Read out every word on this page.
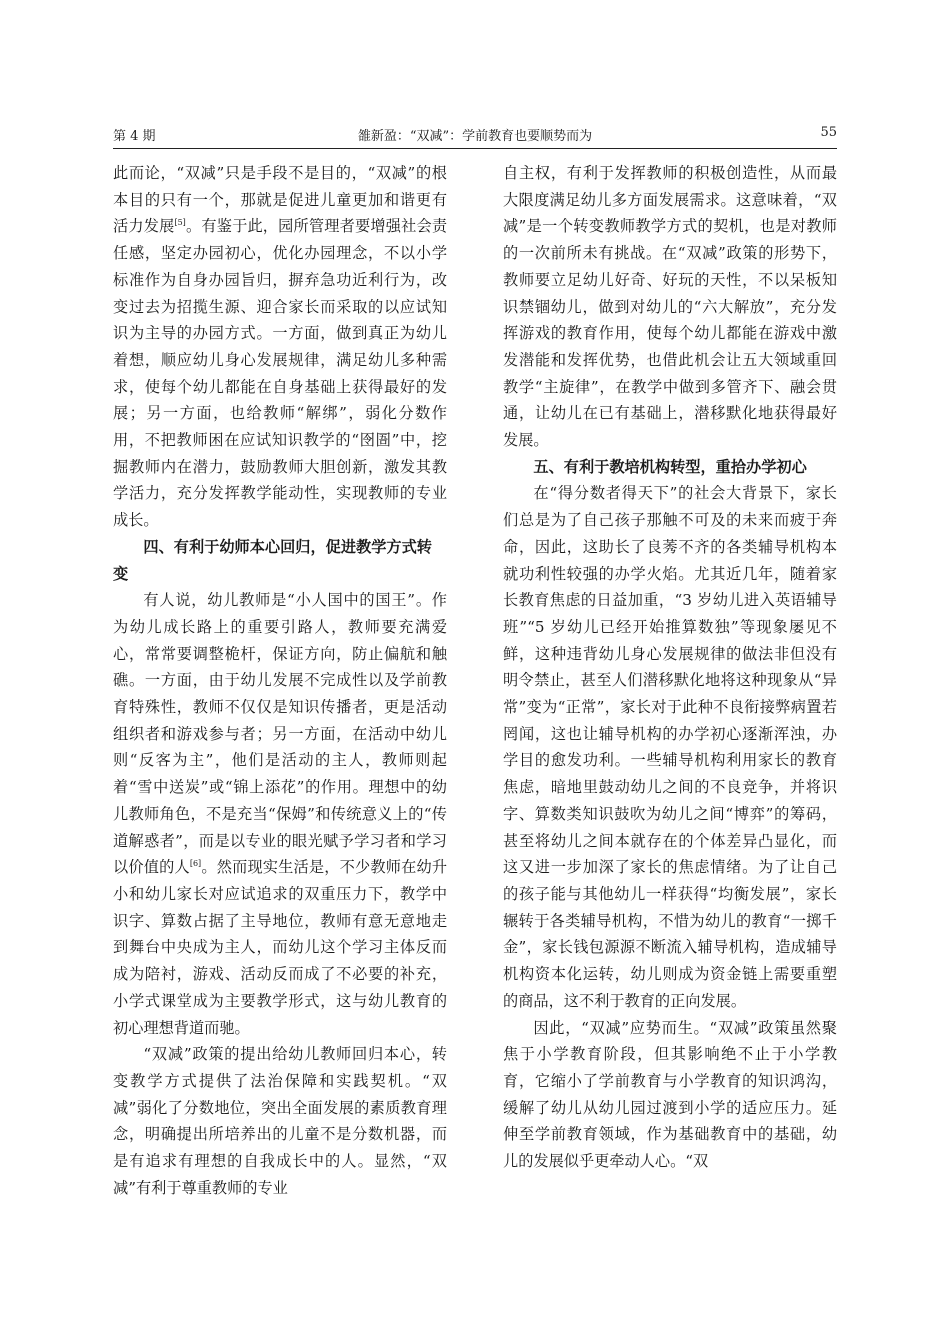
第 4 期	雒新盈：“双减”：学前教育也要顺势而为	55

此而论，“双减”只是手段不是目的，“双减”的根本目的只有一个，那就是促进儿童更加和谐更有活力发展[5]。有鉴于此，园所管理者要增强社会责任感，坚定办园初心，优化办园理念，不以小学标准作为自身办园旨归，摒弃急功近利行为，改变过去为招揽生源、迎合家长而采取的以应试知识为主导的办园方式。一方面，做到真正为幼儿着想，顺应幼儿身心发展规律，满足幼儿多种需求，使每个幼儿都能在自身基础上获得最好的发展；另一方面，也给教师“解绑”，弱化分数作用，不把教师困在应试知识教学的“囹圄”中，挖掘教师内在潜力，鼓励教师大胆创新，激发其教学活力，充分发挥教学能动性，实现教师的专业成长。

四、有利于幼师本心回归，促进教学方式转变

有人说，幼儿教师是“小人国中的国王”。作为幼儿成长路上的重要引路人，教师要充满爱心，常常要调整桅杆，保证方向，防止偏航和触礁。一方面，由于幼儿发展不完成性以及学前教育特殊性，教师不仅仅是知识传播者，更是活动组织者和游戏参与者；另一方面，在活动中幼儿则“反客为主”，他们是活动的主人，教师则起着“雪中送炭”或“锦上添花”的作用。理想中的幼儿教师角色，不是充当“保姆”和传统意义上的“传道解惑者”，而是以专业的眼光赋予学习者和学习以价值的人[6]。然而现实生活是，不少教师在幼升小和幼儿家长对应试追求的双重压力下，教学中识字、算数占据了主导地位，教师有意无意地走到舞台中央成为主人，而幼儿这个学习主体反而成为陪衬，游戏、活动反而成了不必要的补充，小学式课堂成为主要教学形式，这与幼儿教育的初心理想背道而驰。

“双减”政策的提出给幼儿教师回归本心，转变教学方式提供了法治保障和实践契机。“双减”弱化了分数地位，突出全面发展的素质教育理念，明确提出所培养出的儿童不是分数机器，而是有追求有理想的自我成长中的人。显然，“双减”有利于尊重教师的专业

自主权，有利于发挥教师的积极创造性，从而最大限度满足幼儿多方面发展需求。这意味着，“双减”是一个转变教师教学方式的契机，也是对教师的一次前所未有挑战。在“双减”政策的形势下，教师要立足幼儿好奇、好玩的天性，不以呆板知识禁锢幼儿，做到对幼儿的“六大解放”，充分发挥游戏的教育作用，使每个幼儿都能在游戏中激发潜能和发挥优势，也借此机会让五大领域重回教学“主旋律”，在教学中做到多管齐下、融会贯通，让幼儿在已有基础上，潜移默化地获得最好发展。

五、有利于教培机构转型，重拾办学初心

在“得分数者得天下”的社会大背景下，家长们总是为了自己孩子那触不可及的未来而疲于奔命，因此，这助长了良莠不齐的各类辅导机构本就功利性较强的办学火焰。尤其近几年，随着家长教育焦虑的日益加重，“3 岁幼儿进入英语辅导班”“5 岁幼儿已经开始推算数独”等现象屡见不鲜，这种违背幼儿身心发展规律的做法非但没有明令禁止，甚至人们潜移默化地将这种现象从“异常”变为“正常”，家长对于此种不良衔接弊病置若罔闻，这也让辅导机构的办学初心逐渐浑浊，办学目的愈发功利。一些辅导机构利用家长的教育焦虑，暗地里鼓动幼儿之间的不良竞争，并将识字、算数类知识鼓吹为幼儿之间“博弈”的筹码，甚至将幼儿之间本就存在的个体差异凸显化，而这又进一步加深了家长的焦虑情绪。为了让自己的孩子能与其他幼儿一样获得“均衡发展”，家长辗转于各类辅导机构，不惜为幼儿的教育“一掷千金”，家长钱包源源不断流入辅导机构，造成辅导机构资本化运转，幼儿则成为资金链上需要重塑的商品，这不利于教育的正向发展。

因此，“双减”应势而生。“双减”政策虽然聚焦于小学教育阶段，但其影响绝不止于小学教育，它缩小了学前教育与小学教育的知识鸿沟，缓解了幼儿从幼儿园过渡到小学的适应压力。延伸至学前教育领域，作为基础教育中的基础，幼儿的发展似乎更牵动人心。“双
